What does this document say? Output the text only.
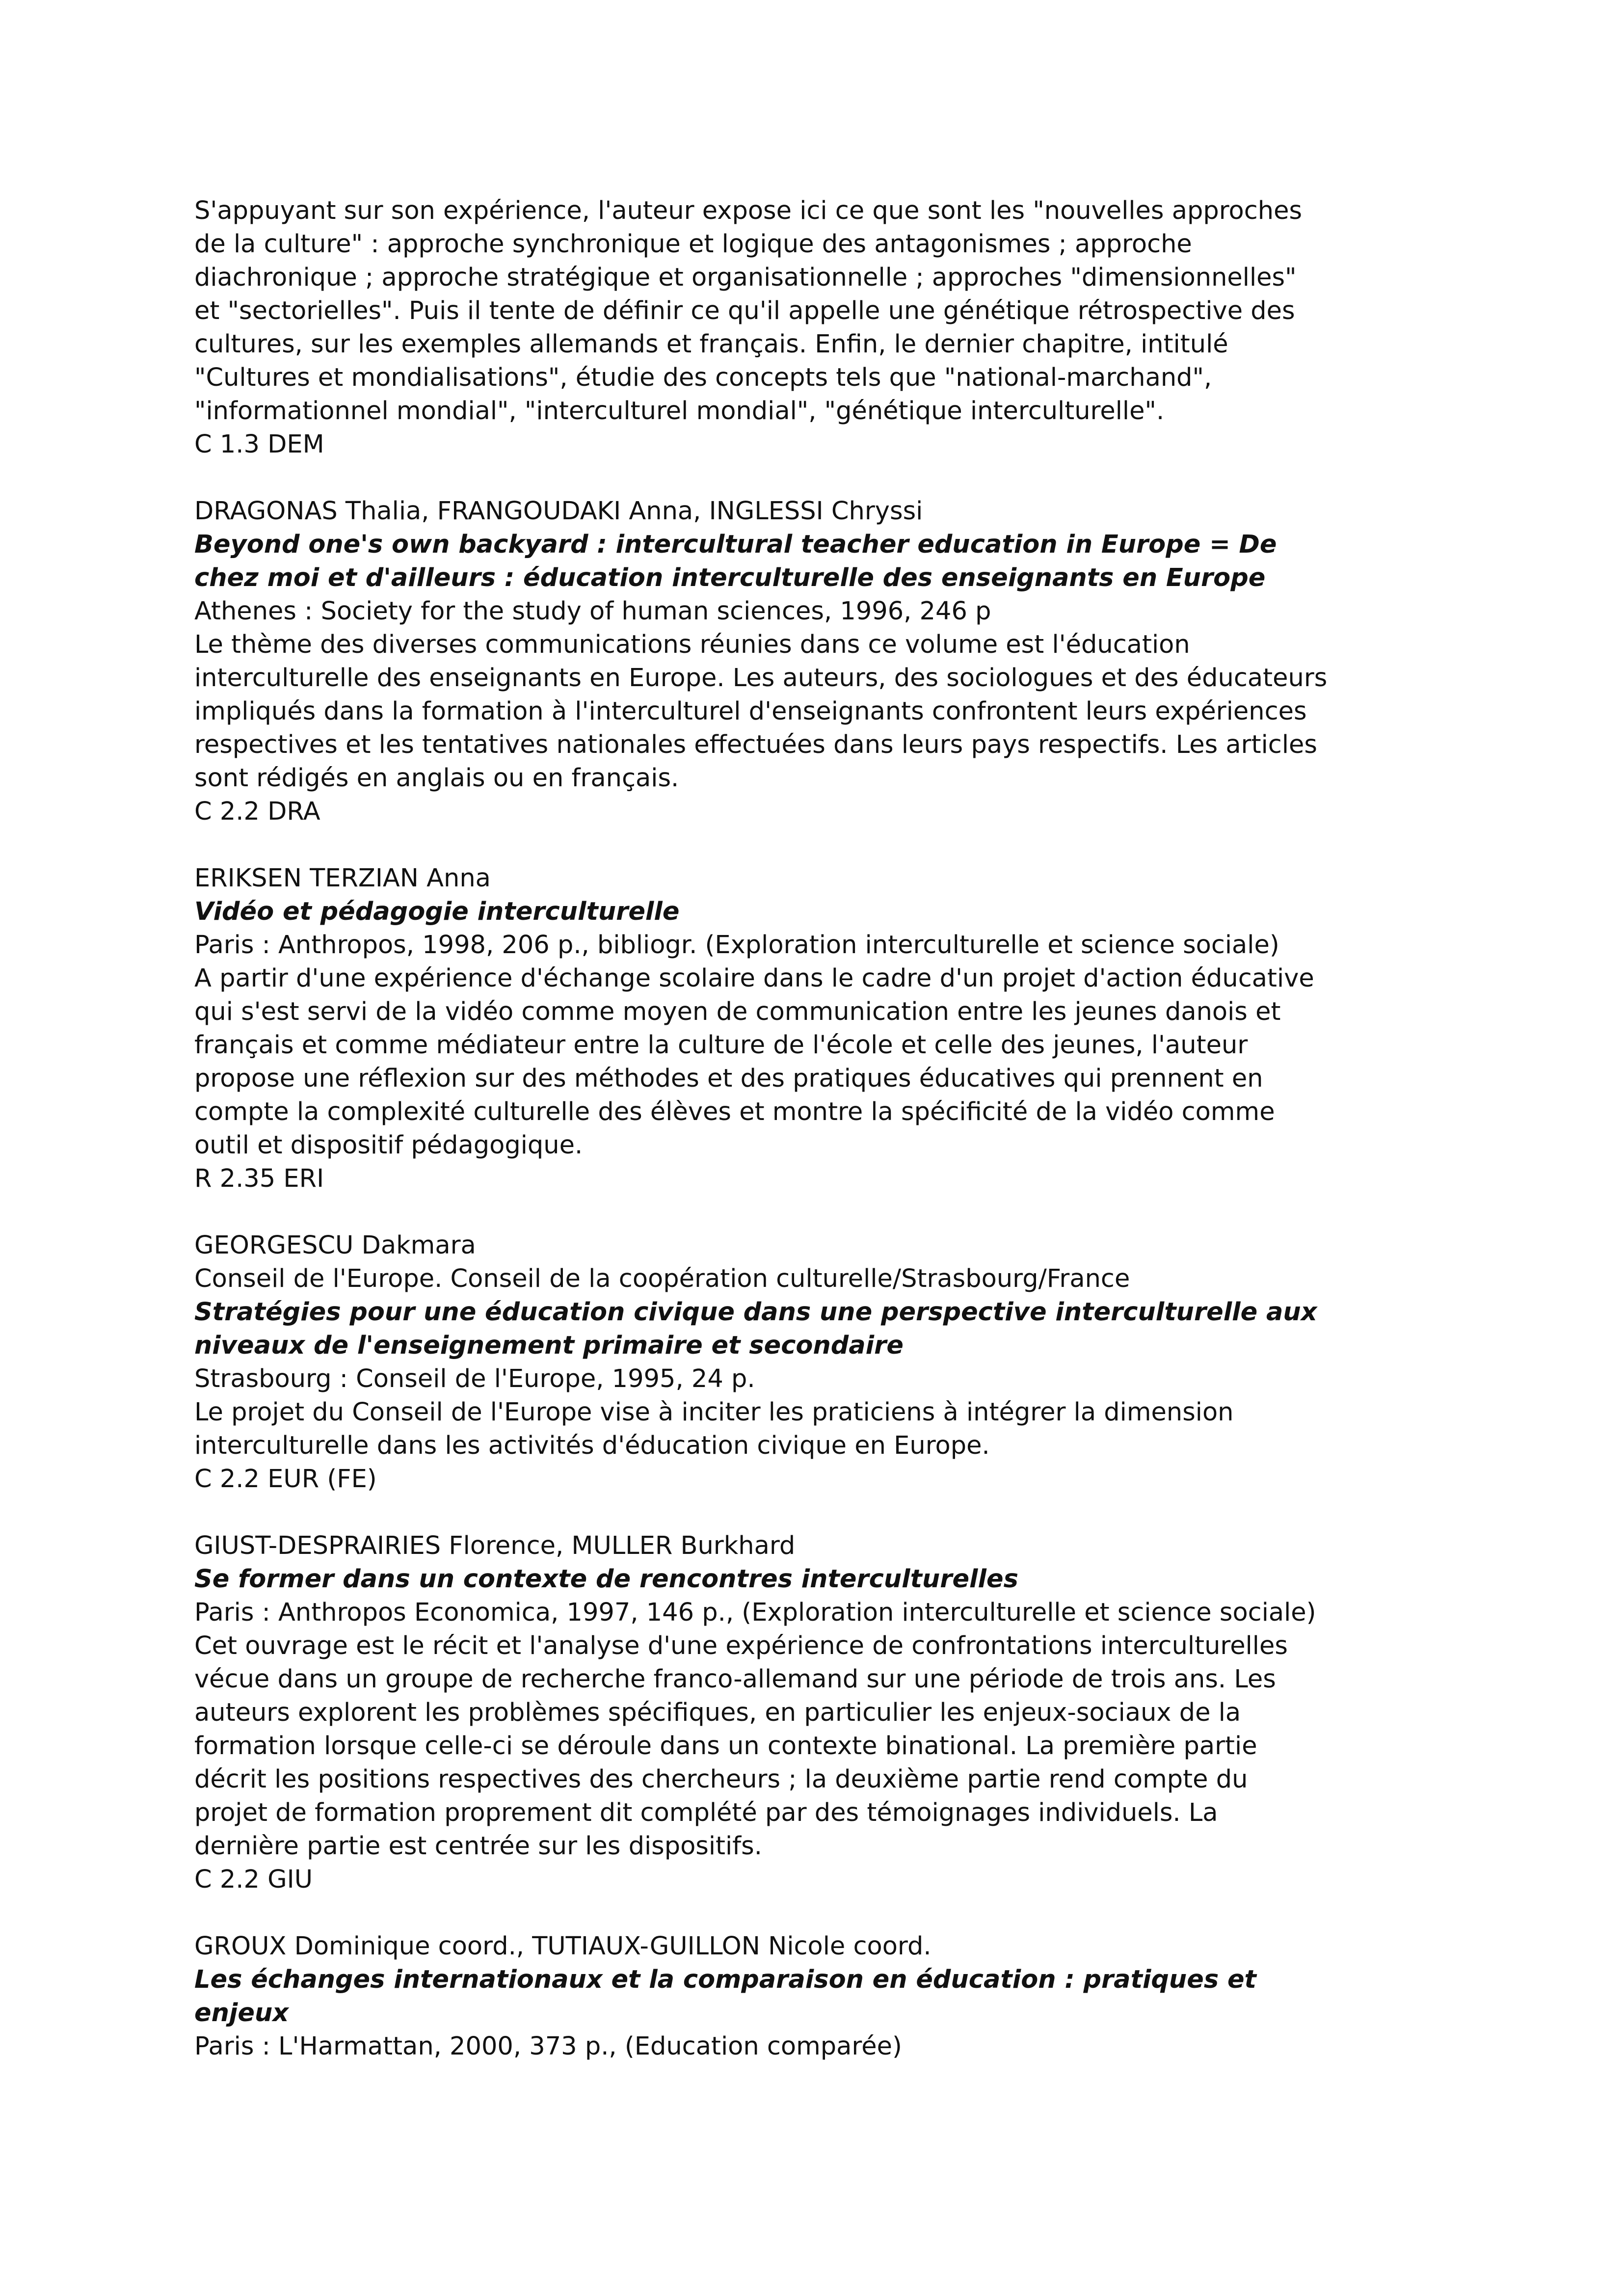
S'appuyant sur son expérience, l'auteur expose ici ce que sont les "nouvelles approches
de la culture" : approche synchronique et logique des antagonismes ; approche
diachronique ; approche stratégique et organisationnelle ; approches "dimensionnelles"
et "sectorielles". Puis il tente de définir ce qu'il appelle une génétique rétrospective des
cultures, sur les exemples allemands et français. Enfin, le dernier chapitre, intitulé
"Cultures et mondialisations", étudie des concepts tels que "national-marchand",
"informationnel mondial", "interculturel mondial", "génétique interculturelle".
C 1.3 DEM
DRAGONAS Thalia, FRANGOUDAKI Anna, INGLESSI Chryssi
Beyond one's own backyard : intercultural teacher education in Europe = De
chez moi et d'ailleurs : éducation interculturelle des enseignants en Europe
Athenes : Society for the study of human sciences, 1996, 246 p
Le thème des diverses communications réunies dans ce volume est l'éducation
interculturelle des enseignants en Europe. Les auteurs, des sociologues et des éducateurs
impliqués dans la formation à l'interculturel d'enseignants confrontent leurs expériences
respectives et les tentatives nationales effectuées dans leurs pays respectifs. Les articles
sont rédigés en anglais ou en français.
C 2.2 DRA
ERIKSEN TERZIAN Anna
Vidéo et pédagogie interculturelle
Paris : Anthropos, 1998, 206 p., bibliogr. (Exploration interculturelle et science sociale)
A partir d'une expérience d'échange scolaire dans le cadre d'un projet d'action éducative
qui s'est servi de la vidéo comme moyen de communication entre les jeunes danois et
français et comme médiateur entre la culture de l'école et celle des jeunes, l'auteur
propose une réflexion sur des méthodes et des pratiques éducatives qui prennent en
compte la complexité culturelle des élèves et montre la spécificité de la vidéo comme
outil et dispositif pédagogique.
R 2.35 ERI
GEORGESCU Dakmara
Conseil de l'Europe. Conseil de la coopération culturelle/Strasbourg/France
Stratégies pour une éducation civique dans une perspective interculturelle aux
niveaux de l'enseignement primaire et secondaire
Strasbourg : Conseil de l'Europe, 1995, 24 p.
Le projet du Conseil de l'Europe vise à inciter les praticiens à intégrer la dimension
interculturelle dans les activités d'éducation civique en Europe.
C 2.2 EUR (FE)
GIUST-DESPRAIRIES Florence, MULLER Burkhard
Se former dans un contexte de rencontres interculturelles
Paris : Anthropos Economica, 1997, 146 p., (Exploration interculturelle et science sociale)
Cet ouvrage est le récit et l'analyse d'une expérience de confrontations interculturelles
vécue dans un groupe de recherche franco-allemand sur une période de trois ans. Les
auteurs explorent les problèmes spécifiques, en particulier les enjeux-sociaux de la
formation lorsque celle-ci se déroule dans un contexte binational. La première partie
décrit les positions respectives des chercheurs ; la deuxième partie rend compte du
projet de formation proprement dit complété par des témoignages individuels. La
dernière partie est centrée sur les dispositifs.
C 2.2 GIU
GROUX Dominique coord., TUTIAUX-GUILLON Nicole coord.
Les échanges internationaux et la comparaison en éducation : pratiques et
enjeux
Paris : L'Harmattan, 2000, 373 p., (Education comparée)
